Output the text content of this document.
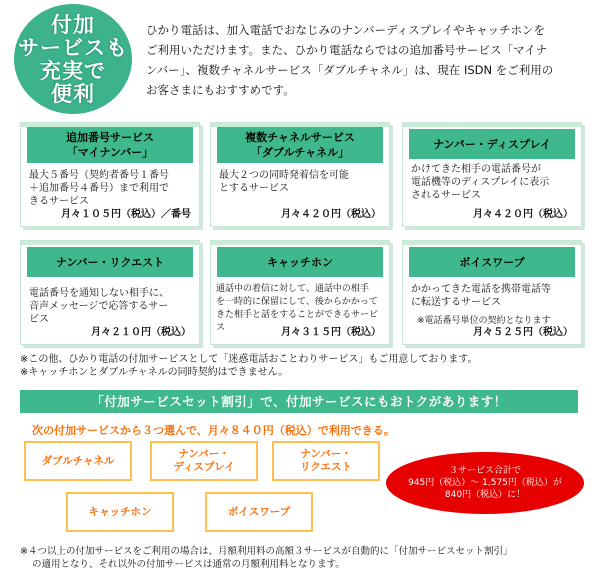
付加
サービスも
充実で
便利
ひかり電話は、加入電話でおなじみのナンバーディスプレイやキャッチホンを
ご利用いただけます。また、ひかり電話ならではの追加番号サービス「マイナ
ンバー」、複数チャネルサービス「ダブルチャネル」は、現在 ISDN をご利用の
お客さまにもおすすめです。
追加番号サービス
「マイナンバー」
最大５番号（契約者番号１番号
＋追加番号４番号）まで利用で
きるサービス
月々１０５円（税込）／番号
複数チャネルサービス
「ダブルチャネル」
最大２つの同時発着信を可能
とするサービス
月々４２０円（税込）
ナンバー・ディスプレイ
かけてきた相手の電話番号が
電話機等のディスプレイに表示
されるサービス
月々４２０円（税込）
ナンバー・リクエスト
電話番号を通知しない相手に、
音声メッセージで応答するサー
ビス
月々２１０円（税込）
キャッチホン
通話中の着信に対して、通話中の相手
を一時的に保留にして、後からかかって
きた相手と話をすることができるサービス	月々３１５円（税込）
ボイスワープ
かかってきた電話を携帯電話等
に転送するサービス
※電話番号単位の契約となります
月々５２５円（税込）
※この他、ひかり電話の付加サービスとして「迷惑電話おことわりサービス」もご用意しております。
※キャッチホンとダブルチャネルの同時契約はできません。
「付加サービスセット割引」で、付加サービスにもおトクがあります！
次の付加サービスから３つ選んで、月々８４０円（税込）で利用できる。
ダブルチャネル
ナンバー・
ディスプレイ
ナンバー・
リクエスト
キャッチホン	ボイスワープ
３サービス合計で
945円（税込）～ 1,575円（税込）が
840円（税込）に！
※４つ以上の付加サービスをご利用の場合は、月額利用料の高額３サービスが自動的に「付加サービスセット割引」
の適用となり、それ以外の付加サービスは通常の月額利用料となります。
